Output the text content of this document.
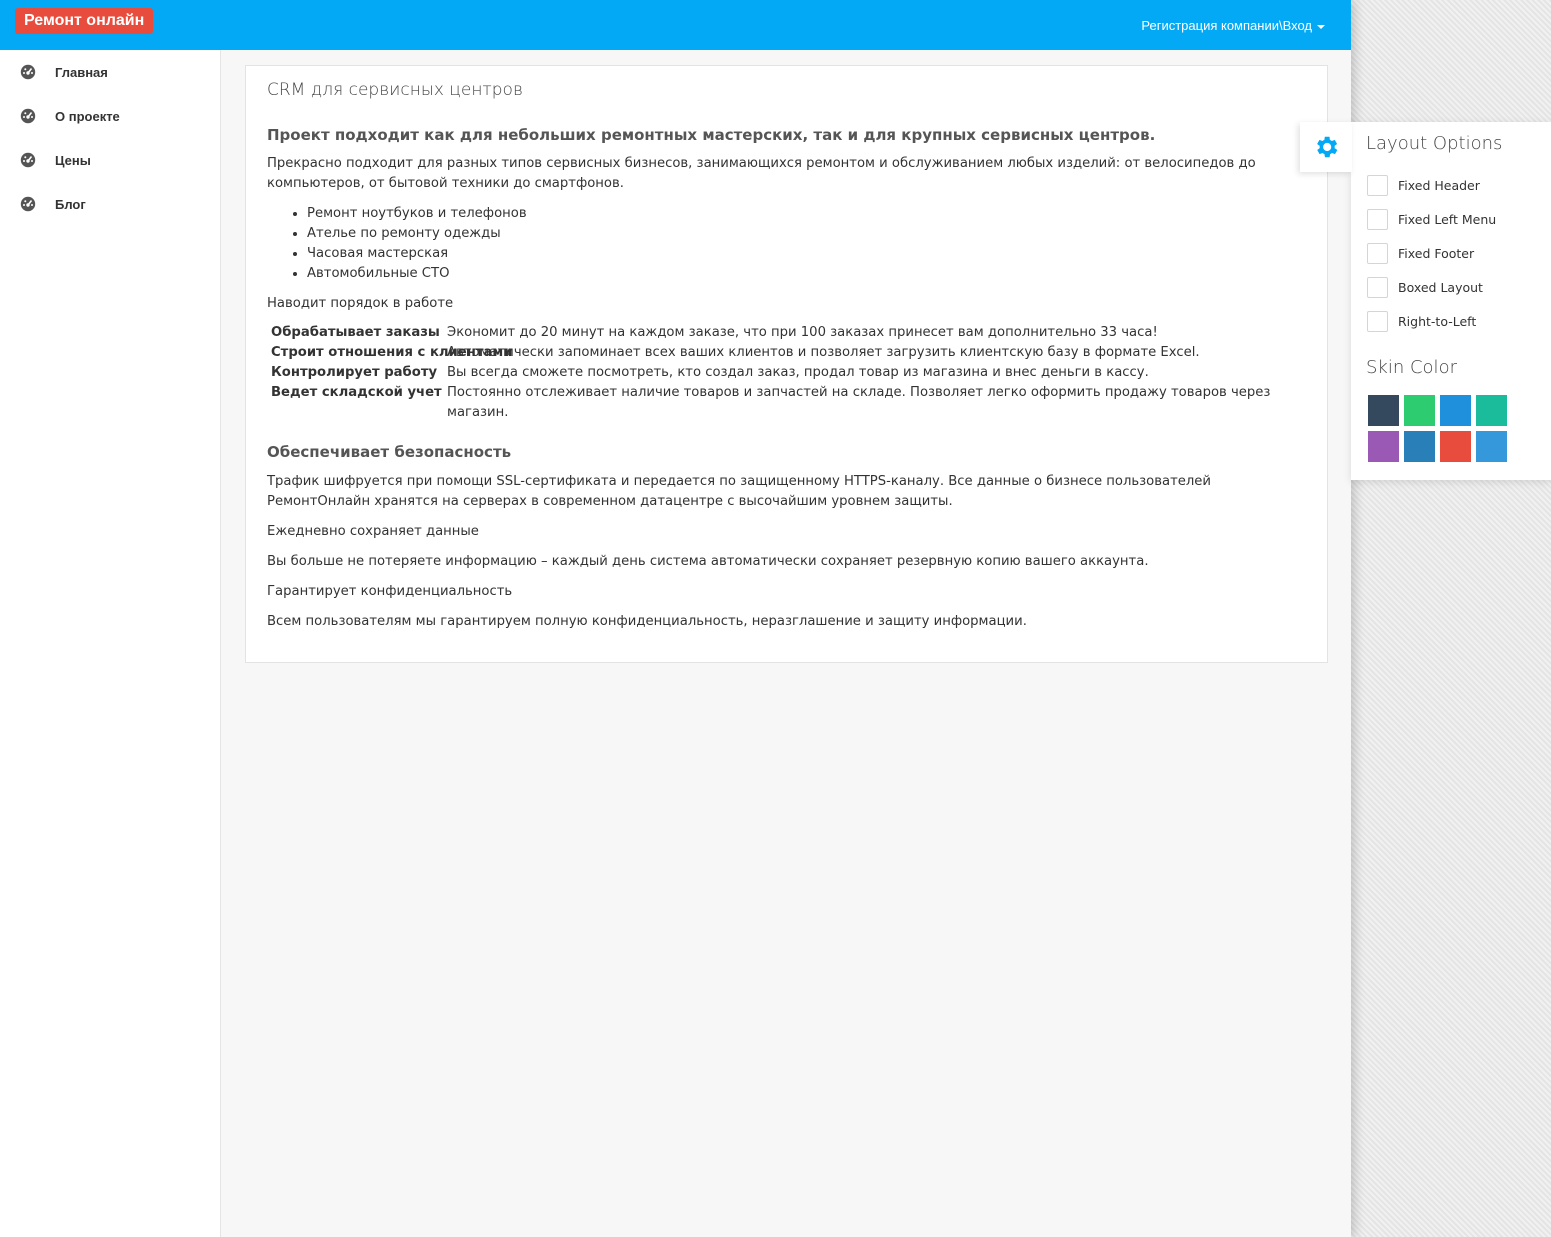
Ремонт онлайн	Регистрация компании\Вход
Главная
О проекте
Цены
Блог
CRM для сервисных центров
Проект подходит как для небольших ремонтных мастерских, так и для крупных сервисных центров.

Прекрасно подходит для разных типов сервисных бизнесов, занимающихся ремонтом и обслуживанием любых изделий: от велосипедов до компьютеров, от бытовой техники до смартфонов.

• Ремонт ноутбуков и телефонов
• Ателье по ремонту одежды
• Часовая мастерская
• Автомобильные СТО

Наводит порядок в работе

Обрабатывает заказы Экономит до 20 минут на каждом заказе, что при 100 заказах принесет вам дополнительно 33 часа!
Строит отношения с клиентами
Автоматически запоминает всех ваших клиентов и позволяет загрузить клиентскую базу в формате Excel.
Контролирует работу Вы всегда сможете посмотреть, кто создал заказ, продал товар из магазина и внес деньги в кассу.
Ведет складской учет Постоянно отслеживает наличие товаров и запчастей на складе. Позволяет легко оформить продажу товаров через магазин.
Обеспечивает безопасность

Трафик шифруется при помощи SSL-сертификата и передается по защищенному HTTPS-каналу. Все данные о бизнесе пользователей РемонтОнлайн хранятся на серверах в современном датацентре с высочайшим уровнем защиты.

Ежедневно сохраняет данные

Вы больше не потеряете информацию – каждый день система автоматически сохраняет резервную копию вашего аккаунта.

Гарантирует конфиденциальность

Всем пользователям мы гарантируем полную конфиденциальность, неразглашение и защиту информации.

Layout Options
Fixed Header
Fixed Left Menu
Fixed Footer
Boxed Layout
Right-to-Left
Skin Color
